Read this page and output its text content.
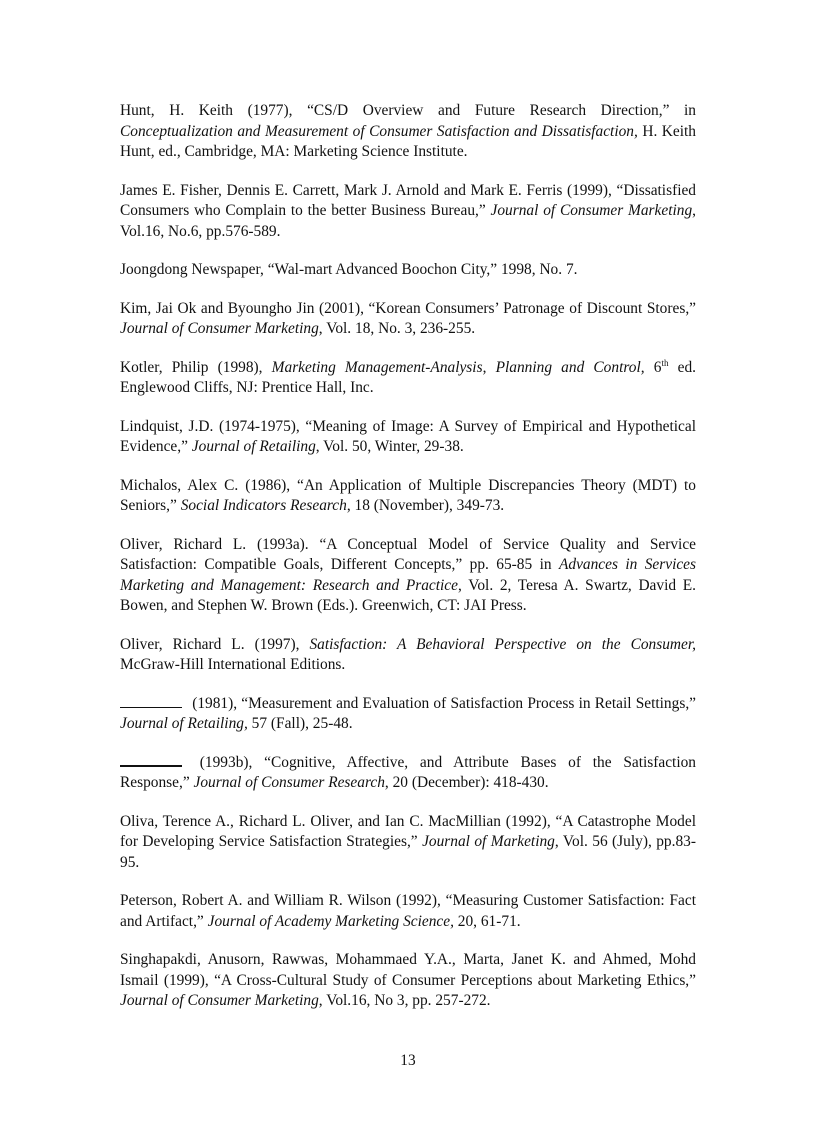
Hunt, H. Keith (1977), “CS/D Overview and Future Research Direction,” in Conceptualization and Measurement of Consumer Satisfaction and Dissatisfaction, H. Keith Hunt, ed., Cambridge, MA: Marketing Science Institute.

James E. Fisher, Dennis E. Carrett, Mark J. Arnold and Mark E. Ferris (1999), “Dissatisfied Consumers who Complain to the better Business Bureau,” Journal of Consumer Marketing, Vol.16, No.6, pp.576-589.

Joongdong Newspaper, “Wal-mart Advanced Boochon City,” 1998, No. 7.

Kim, Jai Ok and Byoungho Jin (2001), “Korean Consumers’ Patronage of Discount Stores,” Journal of Consumer Marketing, Vol. 18, No. 3, 236-255.

Kotler, Philip (1998), Marketing Management-Analysis, Planning and Control, 6th ed. Englewood Cliffs, NJ: Prentice Hall, Inc.

Lindquist, J.D. (1974-1975), “Meaning of Image: A Survey of Empirical and Hypothetical Evidence,” Journal of Retailing, Vol. 50, Winter, 29-38.

Michalos, Alex C. (1986), “An Application of Multiple Discrepancies Theory (MDT) to Seniors,” Social Indicators Research, 18 (November), 349-73.

Oliver, Richard L. (1993a). “A Conceptual Model of Service Quality and Service Satisfaction: Compatible Goals, Different Concepts,” pp. 65-85 in Advances in Services Marketing and Management: Research and Practice, Vol. 2, Teresa A. Swartz, David E. Bowen, and Stephen W. Brown (Eds.). Greenwich, CT: JAI Press.

Oliver, Richard L. (1997), Satisfaction: A Behavioral Perspective on the Consumer, McGraw-Hill International Editions.

(1981), “Measurement and Evaluation of Satisfaction Process in Retail Settings,” Journal of Retailing, 57 (Fall), 25-48.

(1993b), “Cognitive, Affective, and Attribute Bases of the Satisfaction Response,” Journal of Consumer Research, 20 (December): 418-430.

Oliva, Terence A., Richard L. Oliver, and Ian C. MacMillian (1992), “A Catastrophe Model for Developing Service Satisfaction Strategies,” Journal of Marketing, Vol. 56 (July), pp.83-95.

Peterson, Robert A. and William R. Wilson (1992), “Measuring Customer Satisfaction: Fact and Artifact,” Journal of Academy Marketing Science, 20, 61-71.

Singhapakdi, Anusorn, Rawwas, Mohammaed Y.A., Marta, Janet K. and Ahmed, Mohd Ismail (1999), “A Cross-Cultural Study of Consumer Perceptions about Marketing Ethics,” Journal of Consumer Marketing, Vol.16, No 3, pp. 257-272.

13
